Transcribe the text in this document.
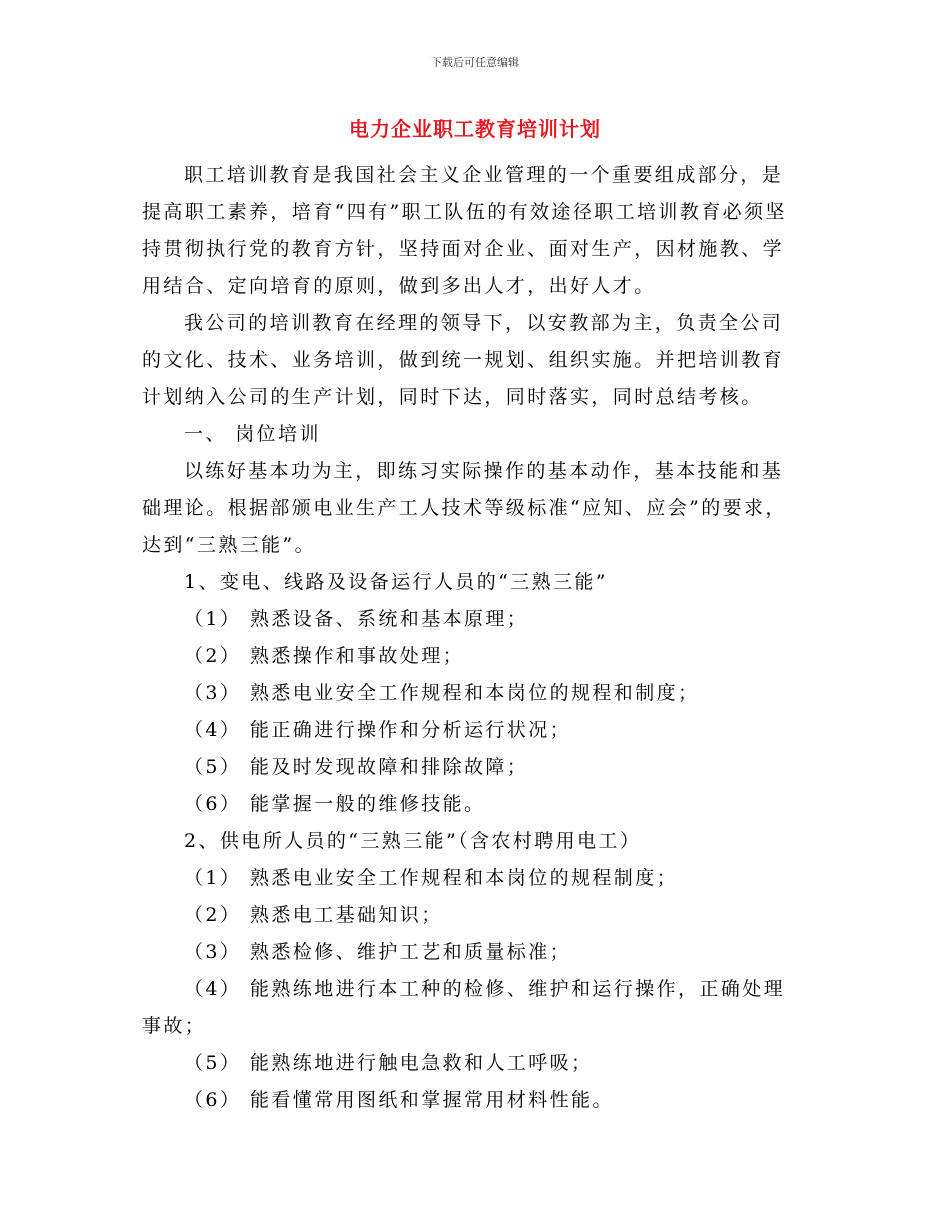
下载后可任意编辑
电力企业职工教育培训计划

职工培训教育是我国社会主义企业管理的一个重要组成部分，是提高职工素养，培育“四有”职工队伍的有效途径职工培训教育必须坚持贯彻执行党的教育方针，坚持面对企业、面对生产，因材施教、学用结合、定向培育的原则，做到多出人才，出好人才。

我公司的培训教育在经理的领导下，以安教部为主，负责全公司的文化、技术、业务培训，做到统一规划、组织实施。并把培训教育计划纳入公司的生产计划，同时下达，同时落实，同时总结考核。

一、 岗位培训

以练好基本功为主，即练习实际操作的基本动作，基本技能和基础理论。根据部颁电业生产工人技术等级标准“应知、应会”的要求，达到“三熟三能”。

1、变电、线路及设备运行人员的“三熟三能”

（1） 熟悉设备、系统和基本原理；

（2） 熟悉操作和事故处理；

（3） 熟悉电业安全工作规程和本岗位的规程和制度；

（4） 能正确进行操作和分析运行状况；

（5） 能及时发现故障和排除故障；

（6） 能掌握一般的维修技能。

2、供电所人员的“三熟三能”（含农村聘用电工）

（1） 熟悉电业安全工作规程和本岗位的规程制度；

（2） 熟悉电工基础知识；

（3） 熟悉检修、维护工艺和质量标准；

（4） 能熟练地进行本工种的检修、维护和运行操作，正确处理事故；

（5） 能熟练地进行触电急救和人工呼吸；

（6） 能看懂常用图纸和掌握常用材料性能。
